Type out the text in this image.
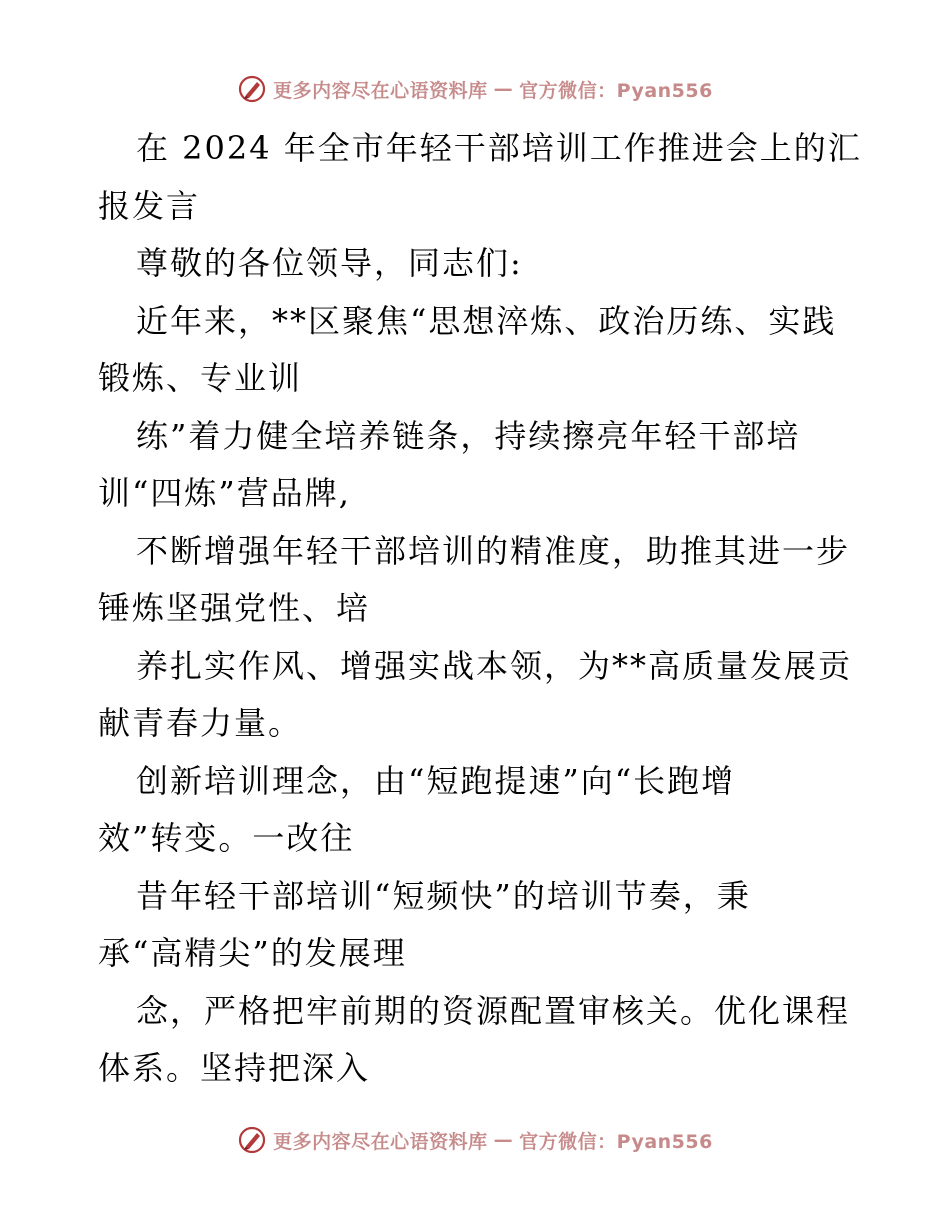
更多内容尽在心语资料库 — 官方微信：Pyan556
在 2024 年全市年轻干部培训工作推进会上的汇
报发言
尊敬的各位领导，同志们:
近年来，**区聚焦“思想淬炼、政治历练、实践
锻炼、专业训
练”着力健全培养链条，持续擦亮年轻干部培
训“四炼”营品牌,
不断增强年轻干部培训的精准度，助推其进一步
锤炼坚强党性、培
养扎实作风、增强实战本领，为**高质量发展贡
献青春力量。
创新培训理念，由“短跑提速”向“长跑增
效”转变。一改往
昔年轻干部培训“短频快”的培训节奏，秉
承“高精尖”的发展理
念，严格把牢前期的资源配置审核关。优化课程
体系。坚持把深入
更多内容尽在心语资料库 — 官方微信：Pyan556
